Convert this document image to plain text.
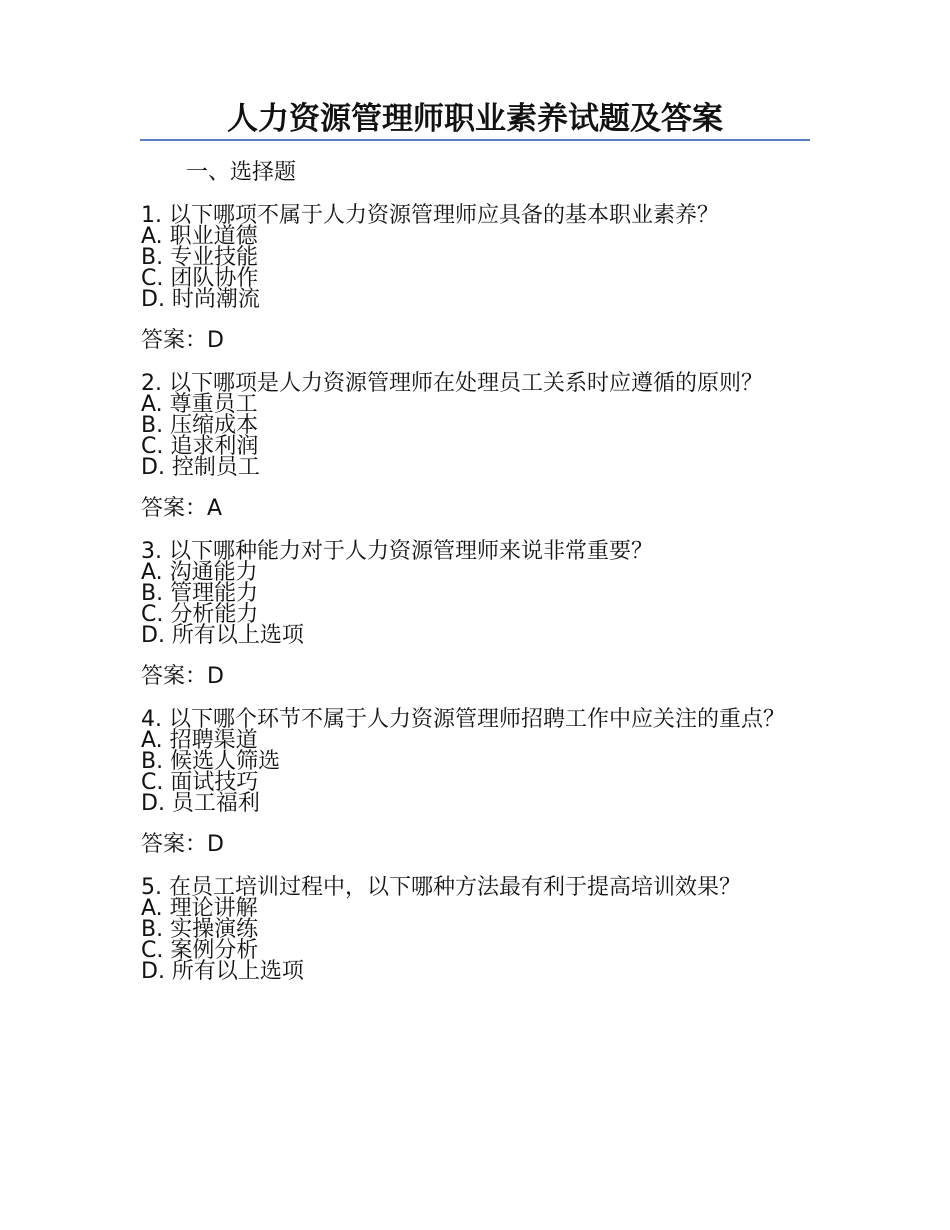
人力资源管理师职业素养试题及答案
一、选择题
1. 以下哪项不属于人力资源管理师应具备的基本职业素养？
A. 职业道德
B. 专业技能
C. 团队协作
D. 时尚潮流
答案：D
2. 以下哪项是人力资源管理师在处理员工关系时应遵循的原则？
A. 尊重员工
B. 压缩成本
C. 追求利润
D. 控制员工
答案：A
3. 以下哪种能力对于人力资源管理师来说非常重要？
A. 沟通能力
B. 管理能力
C. 分析能力
D. 所有以上选项
答案：D
4. 以下哪个环节不属于人力资源管理师招聘工作中应关注的重点？
A. 招聘渠道
B. 候选人筛选
C. 面试技巧
D. 员工福利
答案：D
5. 在员工培训过程中，以下哪种方法最有利于提高培训效果？
A. 理论讲解
B. 实操演练
C. 案例分析
D. 所有以上选项
